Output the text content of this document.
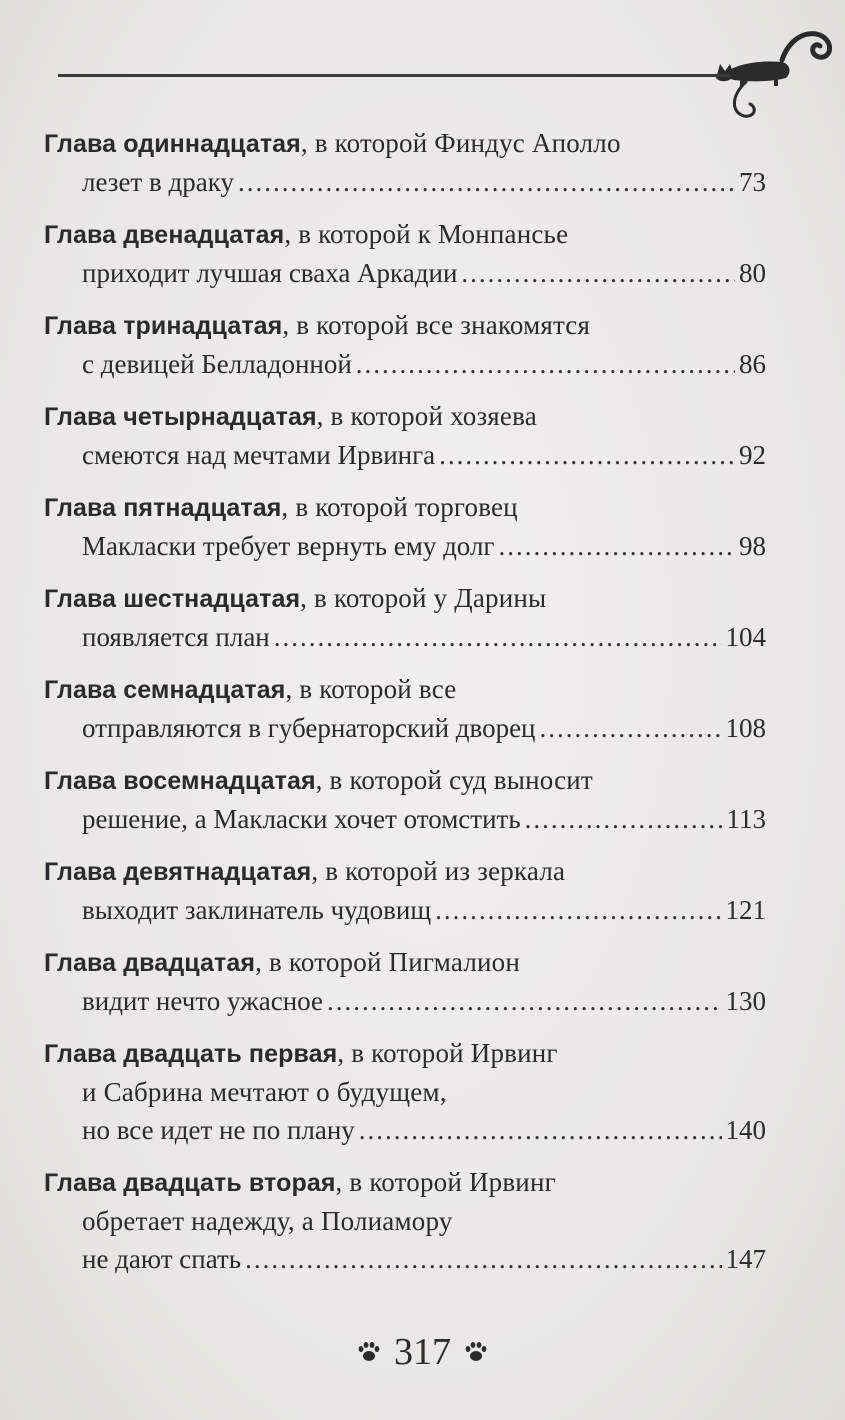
Глава одиннадцатая, в которой Финдус Аполло
лезет в драку .....	73
Глава двенадцатая, в которой к Монпансье
приходит лучшая сваха Аркадии .....	80
Глава тринадцатая, в которой все знакомятся
с девицей Белладонной .....	86
Глава четырнадцатая, в которой хозяева
смеются над мечтами Ирвинга .....	92
Глава пятнадцатая, в которой торговец
Макласки требует вернуть ему долг .....	98
Глава шестнадцатая, в которой у Дарины
появляется план .....	104
Глава семнадцатая, в которой все
отправляются в губернаторский дворец .....	108
Глава восемнадцатая, в которой суд выносит
решение, а Макласки хочет отомстить .....	113
Глава девятнадцатая, в которой из зеркала
выходит заклинатель чудовищ .....	121
Глава двадцатая, в которой Пигмалион
видит нечто ужасное .....	130
Глава двадцать первая, в которой Ирвинг
и Сабрина мечтают о будущем,
но все идет не по плану .....	140
Глава двадцать вторая, в которой Ирвинг
обретает надежду, а Полиамору
не дают спать .....	147
317
